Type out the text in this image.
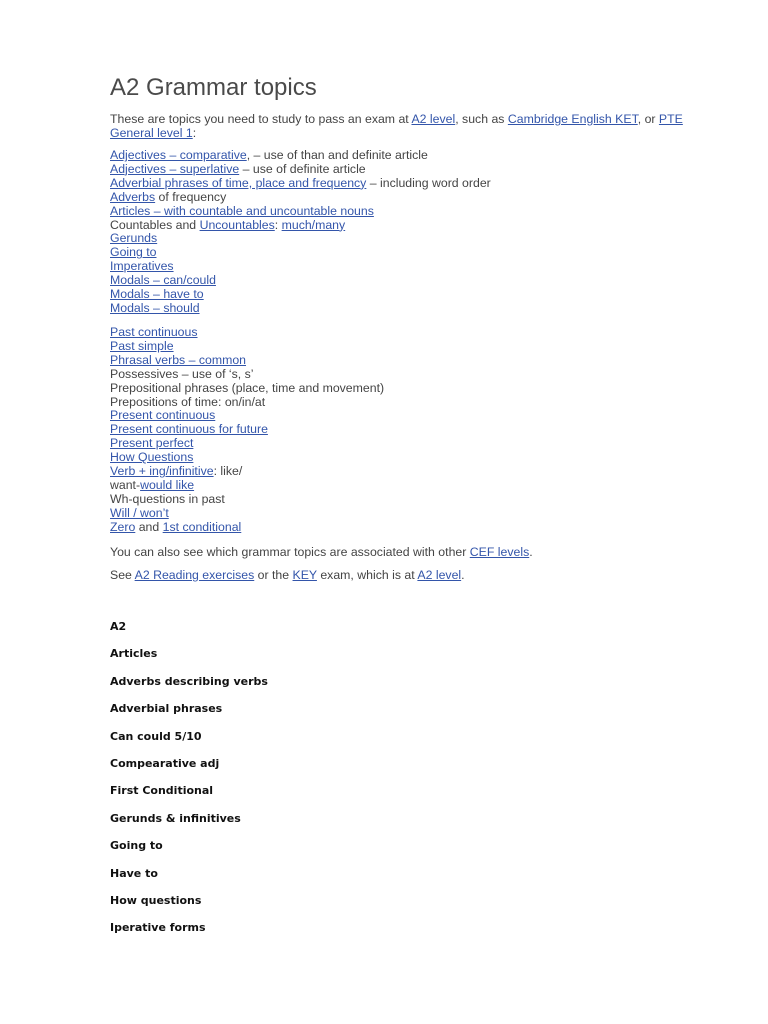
A2 Grammar topics

These are topics you need to study to pass an exam at A2 level, such as Cambridge English KET, or PTE General level 1:

Adjectives – comparative, – use of than and definite article
Adjectives – superlative – use of definite article
Adverbial phrases of time, place and frequency – including word order
Adverbs of frequency
Articles – with countable and uncountable nouns
Countables and Uncountables: much/many
Gerunds
Going to
Imperatives
Modals – can/could
Modals – have to
Modals – should
Past continuous
Past simple
Phrasal verbs – common
Possessives – use of ‘s, s’
Prepositional phrases (place, time and movement)
Prepositions of time: on/in/at
Present continuous
Present continuous for future
Present perfect
How Questions
Verb + ing/infinitive: like/
want-would like
Wh-questions in past
Will / won’t
Zero and 1st conditional

You can also see which grammar topics are associated with other CEF levels.

See A2 Reading exercises or the KEY exam, which is at A2 level.

A2
Articles
Adverbs describing verbs
Adverbial phrases
Can could 5/10
Compearative adj
First Conditional
Gerunds & infinitives
Going to
Have to
How questions
Iperative forms
